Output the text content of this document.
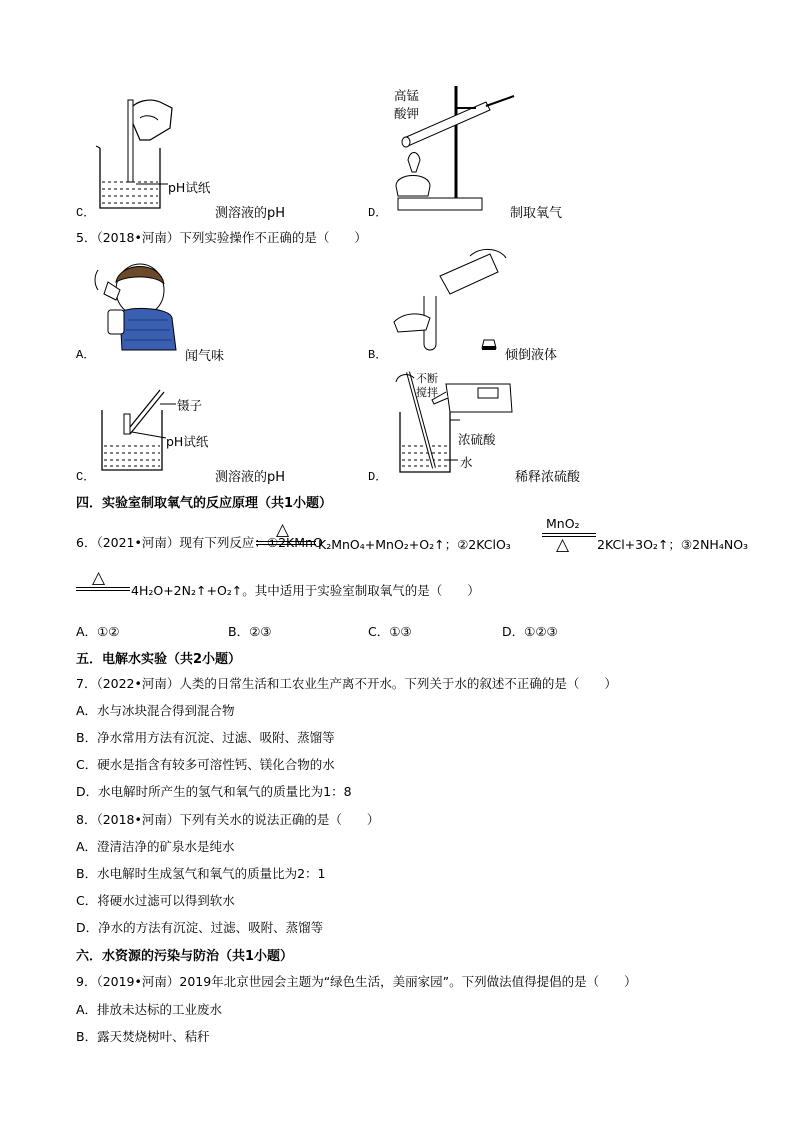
C．
pH试纸
测溶液的pH
高锰
酸钾
D．	制取氧气
5．（2018•河南）下列实验操作不正确的是（　　）
A．	闻气味	B．	倾倒液体
镊子
pH试纸
C．	测溶液的pH
不断
搅拌
浓硫酸
水
D．	稀释浓硫酸
四．实验室制取氧气的反应原理（共1小题）
6．（2021•河南）现有下列反应：①2KMnO
△
K₂MnO₄+MnO₂+O₂↑；②2KClO₃
MnO₂
△ 2KCl+3O₂↑；③2NH₄NO₃
△
4H₂O+2N₂↑+O₂↑。其中适用于实验室制取氧气的是（　　）
A．①②	B．②③	C．①③	D．①②③
五．电解水实验（共2小题）
7．（2022•河南）人类的日常生活和工农业生产离不开水。下列关于水的叙述不正确的是（　　）
A．水与冰块混合得到混合物
B．净水常用方法有沉淀、过滤、吸附、蒸馏等
C．硬水是指含有较多可溶性钙、镁化合物的水
D．水电解时所产生的氢气和氧气的质量比为1：8
8．（2018•河南）下列有关水的说法正确的是（　　）
A．澄清洁净的矿泉水是纯水
B．水电解时生成氢气和氧气的质量比为2：1
C．将硬水过滤可以得到软水
D．净水的方法有沉淀、过滤、吸附、蒸馏等
六．水资源的污染与防治（共1小题）
9．（2019•河南）2019年北京世园会主题为“绿色生活，美丽家园”。下列做法值得提倡的是（　　）
A．排放未达标的工业废水
B．露天焚烧树叶、秸秆
